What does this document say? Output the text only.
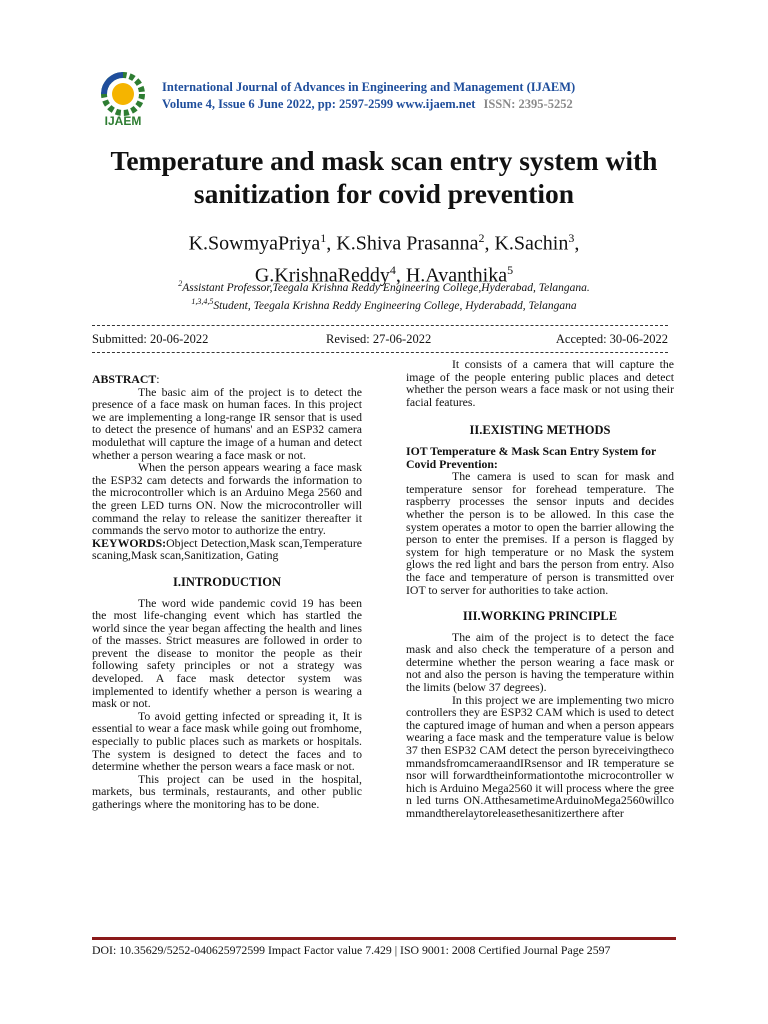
IJAEM
International Journal of Advances in Engineering and Management (IJAEM)
Volume 4, Issue 6 June 2022, pp: 2597-2599 www.ijaem.net ISSN: 2395-5252
Temperature and mask scan entry system with sanitization for covid prevention
K.SowmyaPriya$^1$, K.Shiva Prasanna$^2$, K.Sachin$^3$,
G.KrishnaReddy$^4$, H.Avanthika$^5$
$^2$Assistant Professor,Teegala Krishna Reddy Engineering College,Hyderabad, Telangana.
$^{1,3,4,5}$Student, Teegala Krishna Reddy Engineering College, Hyderabadd, Telangana
Submitted: 20-06-2022	Revised: 27-06-2022	Accepted: 30-06-2022

ABSTRACT:

The basic aim of the project is to detect the presence of a face mask on human faces. In this project we are implementing a long-range IR sensor that is used to detect the presence of humans' and an ESP32 camera modulethat will capture the image of a human and detect whether a person wearing a face mask or not.

When the person appears wearing a face mask the ESP32 cam detects and forwards the information to the microcontroller which is an Arduino Mega 2560 and the green LED turns ON. Now the microcontroller will command the relay to release the sanitizer thereafter it commands the servo motor to authorize the entry.

KEYWORDS:Object Detection,Mask scan,Temperature scaning,Mask scan,Sanitization, Gating

I.INTRODUCTION

The word wide pandemic covid 19 has been the most life-changing event which has startled the world since the year began affecting the health and lines of the masses. Strict measures are followed in order to prevent the disease to monitor the people as their following safety principles or not a strategy was developed. A face mask detector system was implemented to identify whether a person is wearing a mask or not.

To avoid getting infected or spreading it, It is essential to wear a face mask while going out fromhome, especially to public places such as markets or hospitals. The system is designed to detect the faces and to determine whether the person wears a face mask or not.

This project can be used in the hospital, markets, bus terminals, restaurants, and other public gatherings where the monitoring has to be done.

It consists of a camera that will capture the image of the people entering public places and detect whether the person wears a face mask or not using their facial features.

II.EXISTING METHODS
IOT Temperature & Mask Scan Entry System for Covid Prevention:

The camera is used to scan for mask and temperature sensor for forehead temperature. The raspberry processes the sensor inputs and decides whether the person is to be allowed. In this case the system operates a motor to open the barrier allowing the person to enter the premises. If a person is flagged by system for high temperature or no Mask the system glows the red light and bars the person from entry. Also the face and temperature of person is transmitted over IOT to server for authorities to take action.

III.WORKING PRINCIPLE

The aim of the project is to detect the face mask and also check the temperature of a person and determine whether the person wearing a face mask or not and also the person is having the temperature within the limits (below 37 degrees).

In this project we are implementing two microcontrollers they are ESP32 CAM which is used to detect the captured image of human and when a person appears wearing a face mask and the temperature value is below 37 then ESP32 CAM detect the person byreceivingthecommandsfromcameraandIRsensor and IR temperature sensor will forwardtheinformationtothe microcontroller which is Arduino Mega2560 it will process where the green led turns ON.AtthesametimeArduinoMega2560willcommandtherelaytoreleasethesanitizerthere after

DOI: 10.35629/5252-040625972599 Impact Factor value 7.429 | ISO 9001: 2008 Certified Journal Page 2597
